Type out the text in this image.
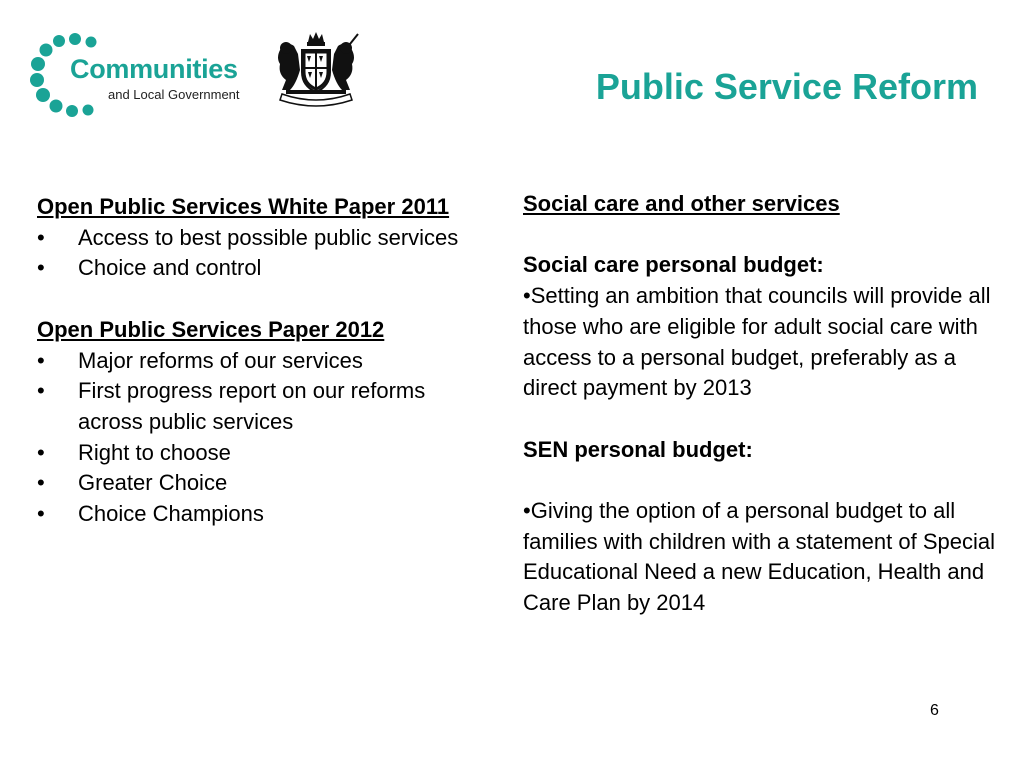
Communities
and Local Government	Public Service Reform
Open Public Services White Paper 2011
• Access to best possible public services
• Choice and control
Open Public Services Paper 2012
• Major reforms of our services
• First progress report on our reforms across public services
• Right to choose
• Greater Choice
• Choice Champions
Social care and other services
Social care personal budget:
•Setting an ambition that councils will provide all those who are eligible for adult social care with access to a personal budget, preferably as a direct payment by 2013
SEN personal budget:
•Giving the option of a personal budget to all families with children with a statement of Special Educational Need a new Education, Health and Care Plan by 2014
6
